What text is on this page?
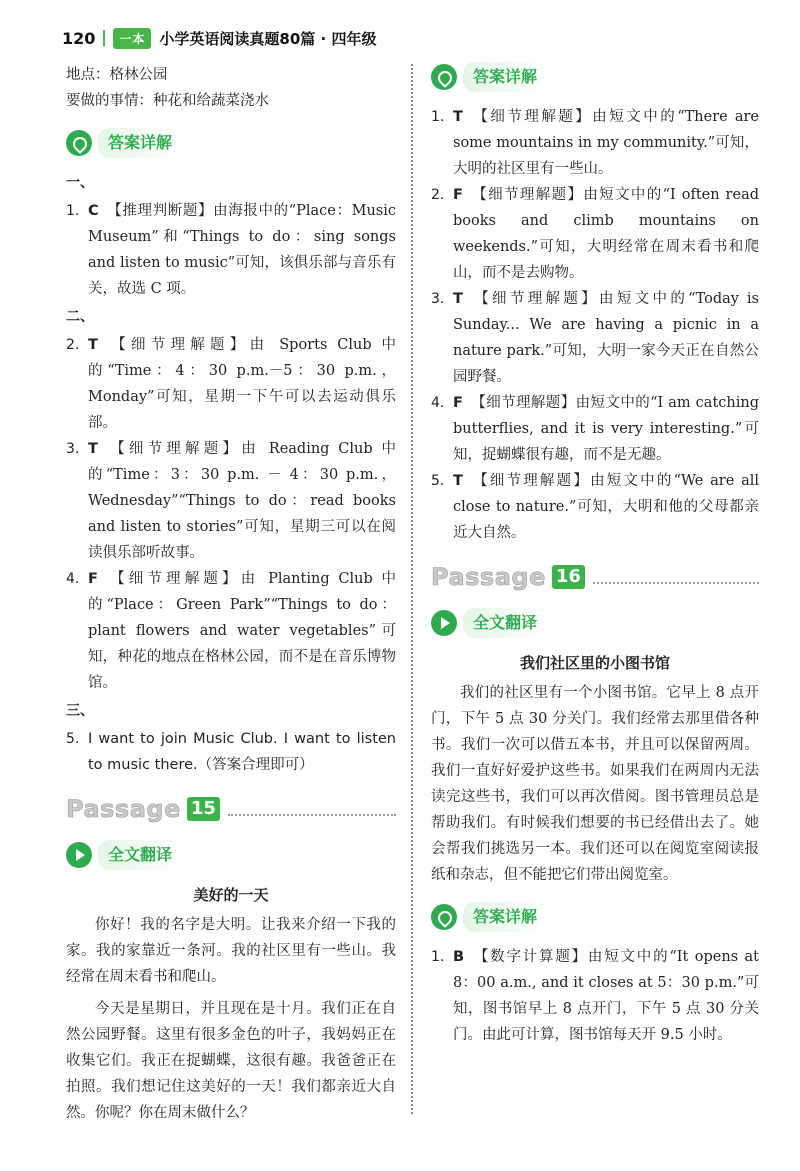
120	一本 小学英语阅读真题80篇 · 四年级

地点：格林公园

要做的事情：种花和给蔬菜浇水

答案详解

一、

1. C 【推理判断题】由海报中的“Place：Music Museum”和“Things to do：sing songs and listen to music”可知，该俱乐部与音乐有关，故选 C 项。

二、

2. T 【细节理解题】由 Sports Club 中的“Time：4：30 p.m.－5：30 p.m.，Monday”可知，星期一下午可以去运动俱乐部。
3. T 【细节理解题】由 Reading Club 中的“Time：3：30 p.m. － 4：30 p.m.，Wednesday”“Things to do：read books and listen to stories”可知，星期三可以在阅读俱乐部听故事。
4. F 【细节理解题】由 Planting Club 中的“Place：Green Park”“Things to do：plant flowers and water vegetables”可知，种花的地点在格林公园，而不是在音乐博物馆。

三、

5. I want to join Music Club. I want to listen to music there.（答案合理即可）
Passage 15
全文翻译

美好的一天

你好！我的名字是大明。让我来介绍一下我的家。我的家靠近一条河。我的社区里有一些山。我经常在周末看书和爬山。

今天是星期日，并且现在是十月。我们正在自然公园野餐。这里有很多金色的叶子，我妈妈正在收集它们。我正在捉蝴蝶，这很有趣。我爸爸正在拍照。我们想记住这美好的一天！我们都亲近大自然。你呢？你在周末做什么？

答案详解
1. T 【细节理解题】由短文中的“There are some mountains in my community.”可知，大明的社区里有一些山。
2. F 【细节理解题】由短文中的“I often read books and climb mountains on weekends.”可知，大明经常在周末看书和爬山，而不是去购物。
3. T 【细节理解题】由短文中的“Today is Sunday... We are having a picnic in a nature park.”可知，大明一家今天正在自然公园野餐。
4. F 【细节理解题】由短文中的“I am catching butterflies, and it is very interesting.”可知，捉蝴蝶很有趣，而不是无趣。
5. T 【细节理解题】由短文中的“We are all close to nature.”可知，大明和他的父母都亲近大自然。
Passage 16
全文翻译

我们社区里的小图书馆

我们的社区里有一个小图书馆。它早上 8 点开门，下午 5 点 30 分关门。我们经常去那里借各种书。我们一次可以借五本书，并且可以保留两周。我们一直好好爱护这些书。如果我们在两周内无法读完这些书，我们可以再次借阅。图书管理员总是帮助我们。有时候我们想要的书已经借出去了。她会帮我们挑选另一本。我们还可以在阅览室阅读报纸和杂志，但不能把它们带出阅览室。

答案详解
1. B 【数字计算题】由短文中的“It opens at 8：00 a.m., and it closes at 5：30 p.m.”可知，图书馆早上 8 点开门，下午 5 点 30 分关门。由此可计算，图书馆每天开 9.5 小时。
